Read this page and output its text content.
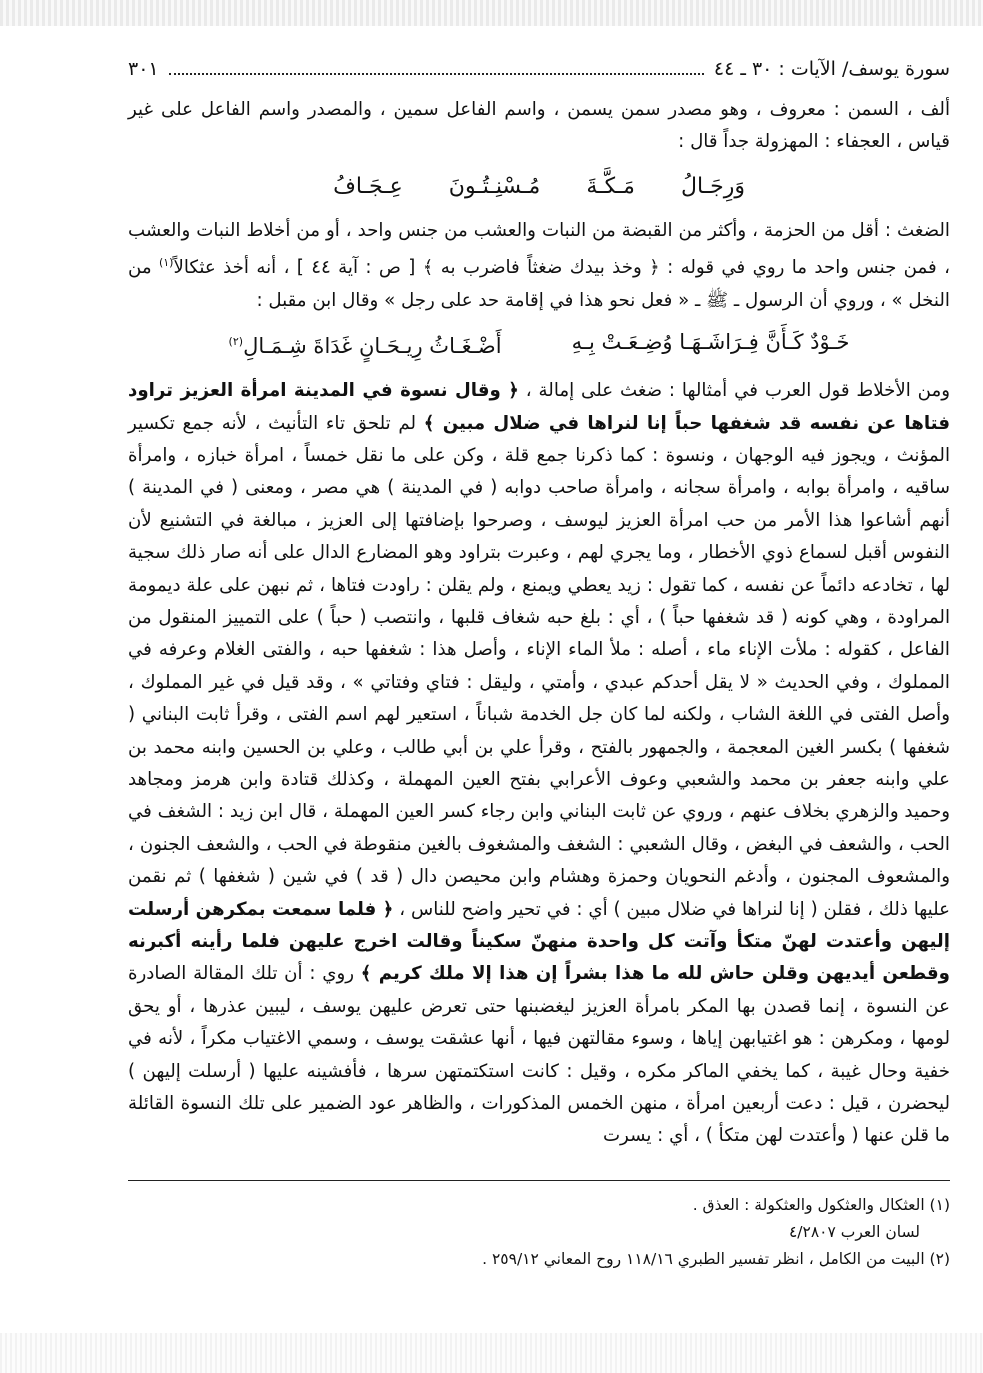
سورة يوسف/ الآيات : ٣٠ ـ ٤٤
٣٠١

ألف ، السمن : معروف ، وهو مصدر سمن يسمن ، واسم الفاعل سمين ، والمصدر واسم الفاعل على غير قياس ، العجفاء : المهزولة جداً قال :

وَرِجَـالُ
مَـكَّـةَ
مُـسْنِـتُـونَ
عِـجَـافُ

الضغث : أقل من الحزمة ، وأكثر من القبضة من النبات والعشب من جنس واحد ، أو من أخلاط النبات والعشب ، فمن جنس واحد ما روي في قوله : ﴿ وخذ بيدك ضغثاً فاضرب به ﴾ [ ص : آية ٤٤ ] ، أنه أخذ عثكالاً$^{(١)}$ من النخل » ، وروي أن الرسول ـ ﷺ ـ « فعل نحو هذا في إقامة حد على رجل » وقال ابن مقبل :

خَـوْدٌ كَـأَنَّ فِـرَاشَـهَـا وُضِـعَـتْ بِـهِ
أَضْـغَـاثُ رِيـحَـانٍ غَدَاةَ شِـمَـالِ$^{(٢)}$

ومن الأخلاط قول العرب في أمثالها : ضغث على إمالة ، ﴿ وقال نسوة في المدينة امرأة العزيز تراود فتاها عن نفسه قد شغفها حباً إنا لنراها في ضلال مبين ﴾ لم تلحق تاء التأنيث ، لأنه جمع تكسير المؤنث ، ويجوز فيه الوجهان ، ونسوة : كما ذكرنا جمع قلة ، وكن على ما نقل خمساً ، امرأة خبازه ، وامرأة ساقيه ، وامرأة بوابه ، وامرأة سجانه ، وامرأة صاحب دوابه ( في المدينة ) هي مصر ، ومعنى ( في المدينة ) أنهم أشاعوا هذا الأمر من حب امرأة العزيز ليوسف ، وصرحوا بإضافتها إلى العزيز ، مبالغة في التشنيع لأن النفوس أقبل لسماع ذوي الأخطار ، وما يجري لهم ، وعبرت بتراود وهو المضارع الدال على أنه صار ذلك سجية لها ، تخادعه دائماً عن نفسه ، كما تقول : زيد يعطي ويمنع ، ولم يقلن : راودت فتاها ، ثم نبهن على علة ديمومة المراودة ، وهي كونه ( قد شغفها حباً ) ، أي : بلغ حبه شغاف قلبها ، وانتصب ( حباً ) على التمييز المنقول من الفاعل ، كقوله : ملأت الإناء ماء ، أصله : ملأ الماء الإناء ، وأصل هذا : شغفها حبه ، والفتى الغلام وعرفه في المملوك ، وفي الحديث « لا يقل أحدكم عبدي ، وأمتي ، وليقل : فتاي وفتاتي » ، وقد قيل في غير المملوك ، وأصل الفتى في اللغة الشاب ، ولكنه لما كان جل الخدمة شباناً ، استعير لهم اسم الفتى ، وقرأ ثابت البناني ( شغفها ) بكسر الغين المعجمة ، والجمهور بالفتح ، وقرأ علي بن أبي طالب ، وعلي بن الحسين وابنه محمد بن علي وابنه جعفر بن محمد والشعبي وعوف الأعرابي بفتح العين المهملة ، وكذلك قتادة وابن هرمز ومجاهد وحميد والزهري بخلاف عنهم ، وروي عن ثابت البناني وابن رجاء كسر العين المهملة ، قال ابن زيد : الشغف في الحب ، والشعف في البغض ، وقال الشعبي : الشغف والمشغوف بالغين منقوطة في الحب ، والشعف الجنون ، والمشعوف المجنون ، وأدغم النحويان وحمزة وهشام وابن محيصن دال ( قد ) في شين ( شغفها ) ثم نقمن عليها ذلك ، فقلن ( إنا لنراها في ضلال مبين ) أي : في تحير واضح للناس ، ﴿ فلما سمعت بمكرهن أرسلت إليهن وأعتدت لهنّ متكأ وآتت كل واحدة منهنّ سكيناً وقالت اخرج عليهن فلما رأينه أكبرنه وقطعن أيديهن وقلن حاش لله ما هذا بشراً إن هذا إلا ملك كريم ﴾ روي : أن تلك المقالة الصادرة عن النسوة ، إنما قصدن بها المكر بامرأة العزيز ليغضبنها حتى تعرض عليهن يوسف ، ليبين عذرها ، أو يحق لومها ، ومكرهن : هو اغتيابهن إياها ، وسوء مقالتهن فيها ، أنها عشقت يوسف ، وسمي الاغتياب مكراً ، لأنه في خفية وحال غيبة ، كما يخفي الماكر مكره ، وقيل : كانت استكتمتهن سرها ، فأفشينه عليها ( أرسلت إليهن ) ليحضرن ، قيل : دعت أربعين امرأة ، منهن الخمس المذكورات ، والظاهر عود الضمير على تلك النسوة القائلة ما قلن عنها ( وأعتدت لهن متكأ ) ، أي : يسرت

(١) العثكال والعثكول والعثكولة : العذق .

لسان العرب ٤/٢٨٠٧

(٢) البيت من الكامل ، انظر تفسير الطبري ١١٨/١٦ روح المعاني ٢٥٩/١٢ .
